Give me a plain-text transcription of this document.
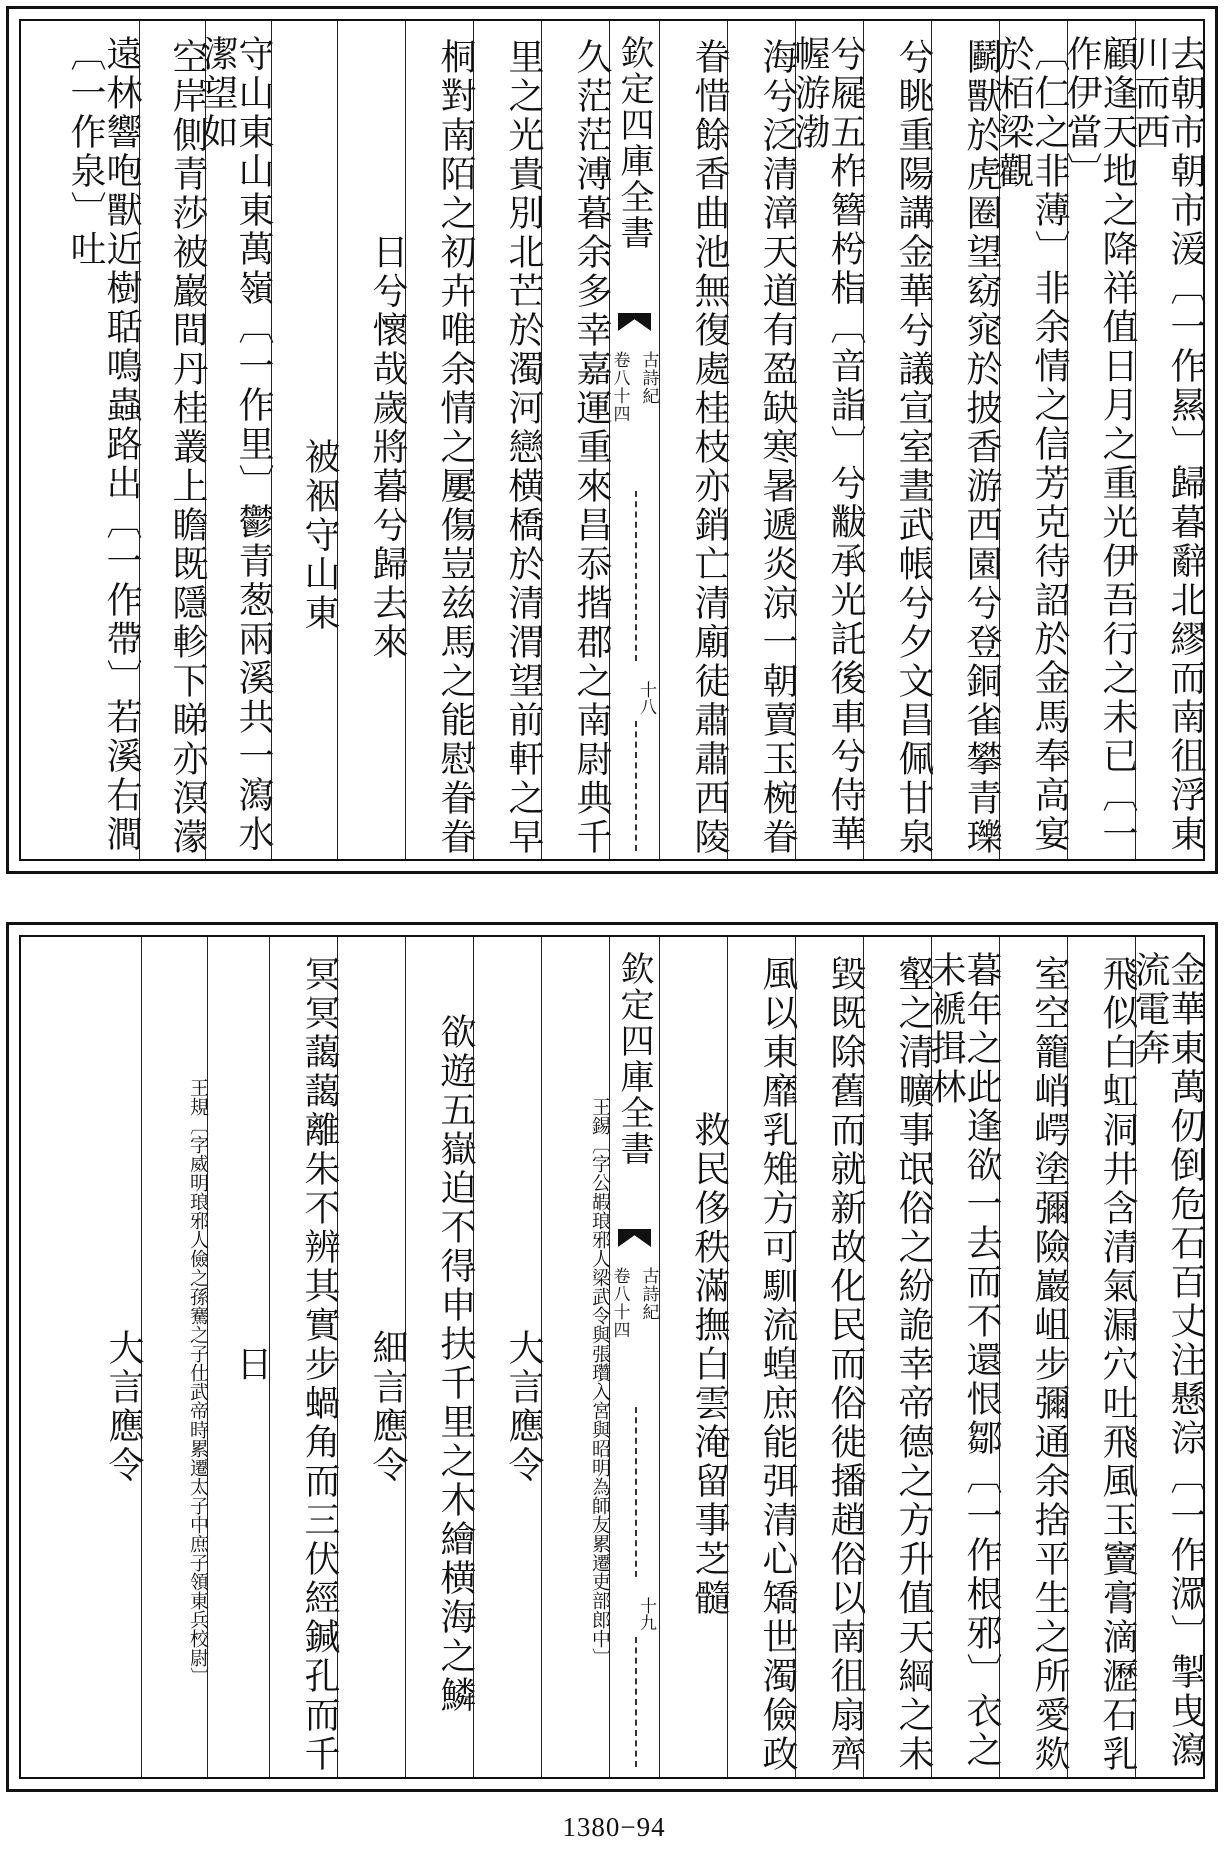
去朝市朝市湲〔一作㬎〕歸暮辭北繆而南徂浮東川而西
顧逢天地之降祥值日月之重光伊吾行之未已〔一作伊當〕
〔仁之非薄〕非余情之信芳克待詔於金馬奉高宴於栢梁觀
鬬獸於虎圈望窈窕於披香游西園兮登銅雀攀青瓅
兮眺重陽講金華兮議宣室晝武帳兮夕文昌佩甘泉
兮屣五柞簪枍栺〔音詣〕兮黻承光託後車兮侍華幄游渤
海兮泛清漳天道有盈缺寒暑遞炎涼一朝賣玉椀眷
眷惜餘香曲池無復處桂枝亦銷亡清廟徒肅肅西陵
欽定四庫全書
古詩紀
卷八十四
十八
久茫茫溥暮余多幸嘉運重來昌忝揩郡之南尉典千
里之光貴別北芒於濁河戀横橋於清渭望前軒之早
桐對南陌之初卉唯余情之屢傷豈兹馬之能慰眷眷
日兮懷哉歲將暮兮歸去來
被裀守山東
守山東山東萬嶺〔一作里〕鬱青葱兩溪共一瀉水潔望如
空岸側青莎被巖間丹桂叢上瞻既隱軫下睇亦溟濛
遠林響咆獸近樹聒鳴蟲路出〔一作帶〕若溪右澗〔一作泉〕吐
金華東萬仞倒危石百丈注懸淙〔一作潀〕掣曳瀉流電奔
飛似白虹洞井含清氣漏穴吐飛風玉竇膏滴瀝石乳
室空籠峭崿塗彌險巖岨步彌通余捨平生之所愛欻
暮年之此逢欲一去而不還恨鄒〔一作根邪〕衣之未褫揖林
壑之清曠事氓俗之紛詭幸帝德之方升值天綱之未
毀既除舊而就新故化民而俗徙播趙俗以南徂扇齊
風以東靡乳雉方可馴流蝗庶能弭清心矯世濁儉政
救民侈秩滿撫白雲淹留事芝髓
欽定四庫全書
古詩紀
卷八十四
十九
王錫〔字公嘏琅邪人梁武令與張瓚入宮與昭明為師友累遷吏部郎中〕
大言應令
欲遊五嶽迫不得申扶千里之木繪横海之鱗
細言應令
冥冥藹藹離朱不辨其實步蝸角而三伏經鍼孔而千
日
王規〔字威明琅邪人儉之孫騫之子仕武帝時累遷太子中庶子領東兵校尉〕
大言應令
1380−94
